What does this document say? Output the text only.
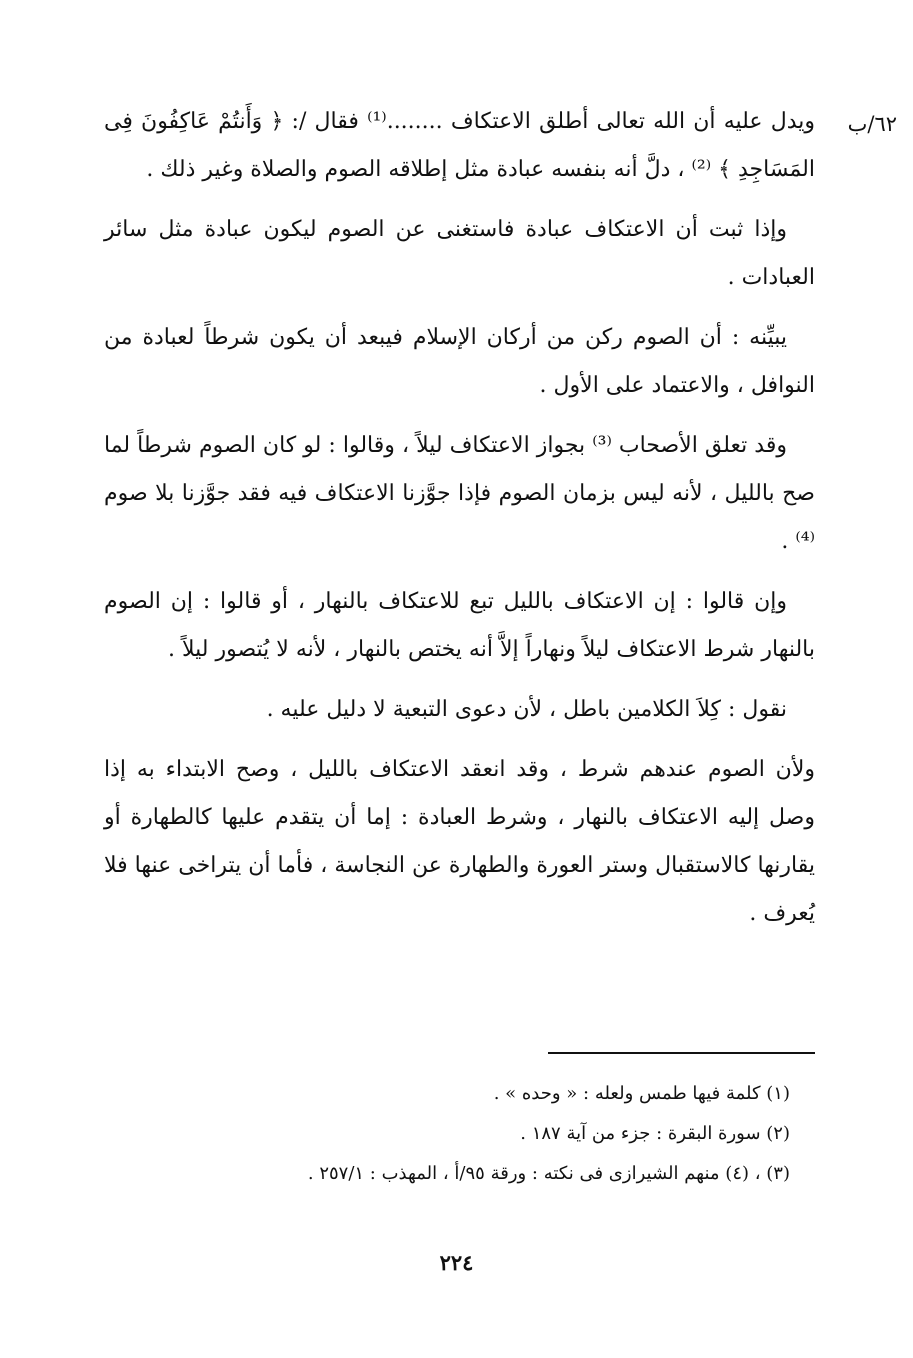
٦٢/ب

ويدل عليه أن الله تعالى أطلق الاعتكاف ........⁽¹⁾ فقال /: ﴿ وَأَنتُمْ عَاكِفُونَ فِى المَسَاجِدِ ﴾ ⁽²⁾ ، دلَّ أنه بنفسه عبادة مثل إطلاقه الصوم والصلاة وغير ذلك .

وإذا ثبت أن الاعتكاف عبادة فاستغنى عن الصوم ليكون عبادة مثل سائر العبادات .

يبيِّنه : أن الصوم ركن من أركان الإسلام فيبعد أن يكون شرطاً لعبادة من النوافل ، والاعتماد على الأول .

وقد تعلق الأصحاب ⁽³⁾ بجواز الاعتكاف ليلاً ، وقالوا : لو كان الصوم شرطاً لما صح بالليل ، لأنه ليس بزمان الصوم فإذا جوَّزنا الاعتكاف فيه فقد جوَّزنا بلا صوم ⁽⁴⁾ .

وإن قالوا : إن الاعتكاف بالليل تبع للاعتكاف بالنهار ، أو قالوا : إن الصوم بالنهار شرط الاعتكاف ليلاً ونهاراً إلاَّ أنه يختص بالنهار ، لأنه لا يُتصور ليلاً .

نقول : كِلاَ الكلامين باطل ، لأن دعوى التبعية لا دليل عليه .

ولأن الصوم عندهم شرط ، وقد انعقد الاعتكاف بالليل ، وصح الابتداء به إذا وصل إليه الاعتكاف بالنهار ، وشرط العبادة : إما أن يتقدم عليها كالطهارة أو يقارنها كالاستقبال وستر العورة والطهارة عن النجاسة ، فأما أن يتراخى عنها فلا يُعرف .

(١) كلمة فيها طمس ولعله : « وحده » .
(٢) سورة البقرة : جزء من آية ١٨٧ .
(٣) ، (٤) منهم الشيرازى فى نكته : ورقة ٩٥/أ ، المهذب : ٢٥٧/١ .
٢٢٤
